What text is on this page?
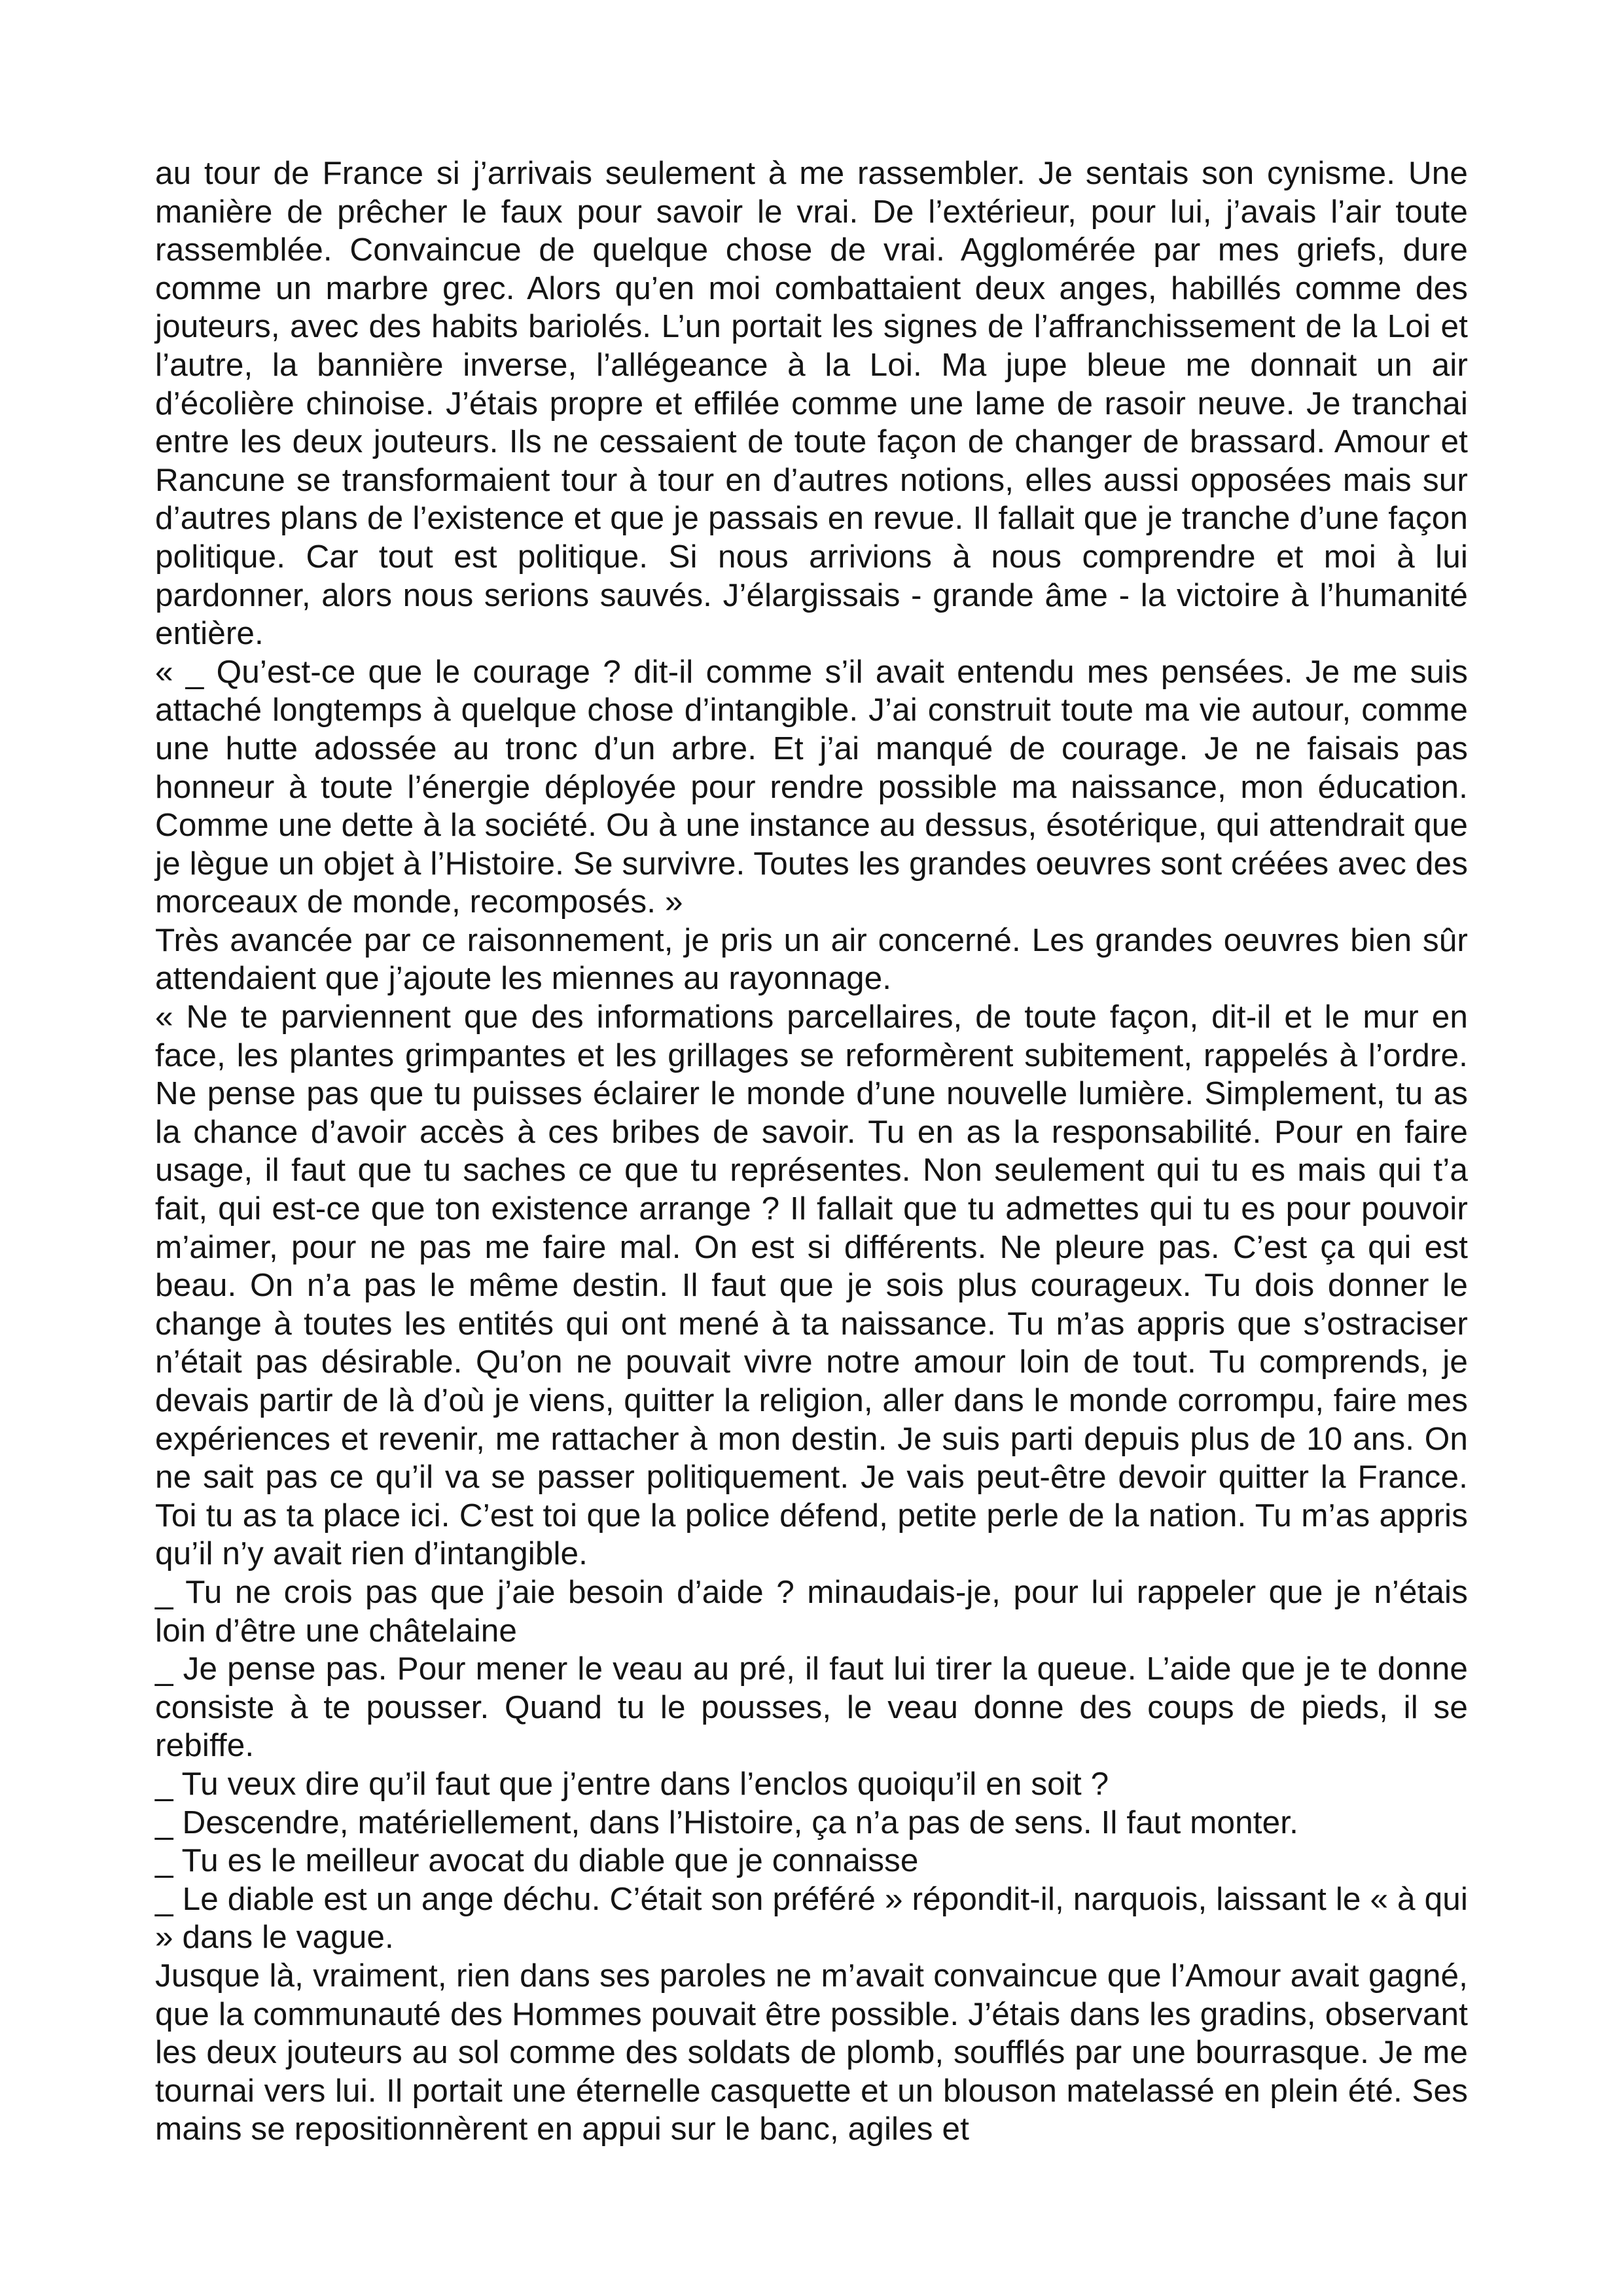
au tour de France si j’arrivais seulement à me rassembler. Je sentais son cynisme. Une manière de prêcher le faux pour savoir le vrai. De l’extérieur, pour lui, j’avais l’air toute rassemblée. Convaincue de quelque chose de vrai. Agglomérée par mes griefs, dure comme un marbre grec. Alors qu’en moi combattaient deux anges, habillés comme des jouteurs, avec des habits bariolés. L’un portait les signes de l’affranchissement de la Loi et l’autre, la bannière inverse, l’allégeance à la Loi. Ma jupe bleue me donnait un air d’écolière chinoise. J’étais propre et effilée comme une lame de rasoir neuve. Je tranchai entre les deux jouteurs. Ils ne cessaient de toute façon de changer de brassard. Amour et Rancune se transformaient tour à tour en d’autres notions, elles aussi opposées mais sur d’autres plans de l’existence et que je passais en revue. Il fallait que je tranche d’une façon politique. Car tout est politique. Si nous arrivions à nous comprendre et moi à lui pardonner, alors nous serions sauvés. J’élargissais - grande âme - la victoire à l’humanité entière.

« _ Qu’est-ce que le courage ? dit-il comme s’il avait entendu mes pensées. Je me suis attaché longtemps à quelque chose d’intangible. J’ai construit toute ma vie autour, comme une hutte adossée au tronc d’un arbre. Et j’ai manqué de courage. Je ne faisais pas honneur à toute l’énergie déployée pour rendre possible ma naissance, mon éducation. Comme une dette à la société. Ou à une instance au dessus, ésotérique, qui attendrait que je lègue un objet à l’Histoire. Se survivre. Toutes les grandes oeuvres sont créées avec des morceaux de monde, recomposés. »

Très avancée par ce raisonnement, je pris un air concerné. Les grandes oeuvres bien sûr attendaient que j’ajoute les miennes au rayonnage.

« Ne te parviennent que des informations parcellaires, de toute façon, dit-il et le mur en face, les plantes grimpantes et les grillages se reformèrent subitement, rappelés à l’ordre. Ne pense pas que tu puisses éclairer le monde d’une nouvelle lumière. Simplement, tu as la chance d’avoir accès à ces bribes de savoir. Tu en as la responsabilité. Pour en faire usage, il faut que tu saches ce que tu représentes. Non seulement qui tu es mais qui t’a fait, qui est-ce que ton existence arrange ? Il fallait que tu admettes qui tu es pour pouvoir m’aimer, pour ne pas me faire mal. On est si différents. Ne pleure pas. C’est ça qui est beau. On n’a pas le même destin. Il faut que je sois plus courageux. Tu dois donner le change à toutes les entités qui ont mené à ta naissance. Tu m’as appris que s’ostraciser n’était pas désirable. Qu’on ne pouvait vivre notre amour loin de tout. Tu comprends, je devais partir de là d’où je viens, quitter la religion, aller dans le monde corrompu, faire mes expériences et revenir, me rattacher à mon destin. Je suis parti depuis plus de 10 ans. On ne sait pas ce qu’il va se passer politiquement. Je vais peut-être devoir quitter la France. Toi tu as ta place ici. C’est toi que la police défend, petite perle de la nation. Tu m’as appris qu’il n’y avait rien d’intangible.

_ Tu ne crois pas que j’aie besoin d’aide ? minaudais-je, pour lui rappeler que je n’étais loin d’être une châtelaine

_ Je pense pas. Pour mener le veau au pré, il faut lui tirer la queue. L’aide que je te donne consiste à te pousser. Quand tu le pousses, le veau donne des coups de pieds, il se rebiffe.

_ Tu veux dire qu’il faut que j’entre dans l’enclos quoiqu’il en soit ?

_ Descendre, matériellement, dans l’Histoire, ça n’a pas de sens. Il faut monter.

_ Tu es le meilleur avocat du diable que je connaisse

_ Le diable est un ange déchu. C’était son préféré » répondit-il, narquois, laissant le « à qui » dans le vague.

Jusque là, vraiment, rien dans ses paroles ne m’avait convaincue que l’Amour avait gagné, que la communauté des Hommes pouvait être possible. J’étais dans les gradins, observant les deux jouteurs au sol comme des soldats de plomb, soufflés par une bourrasque. Je me tournai vers lui. Il portait une éternelle casquette et un blouson matelassé en plein été. Ses mains se repositionnèrent en appui sur le banc, agiles et
